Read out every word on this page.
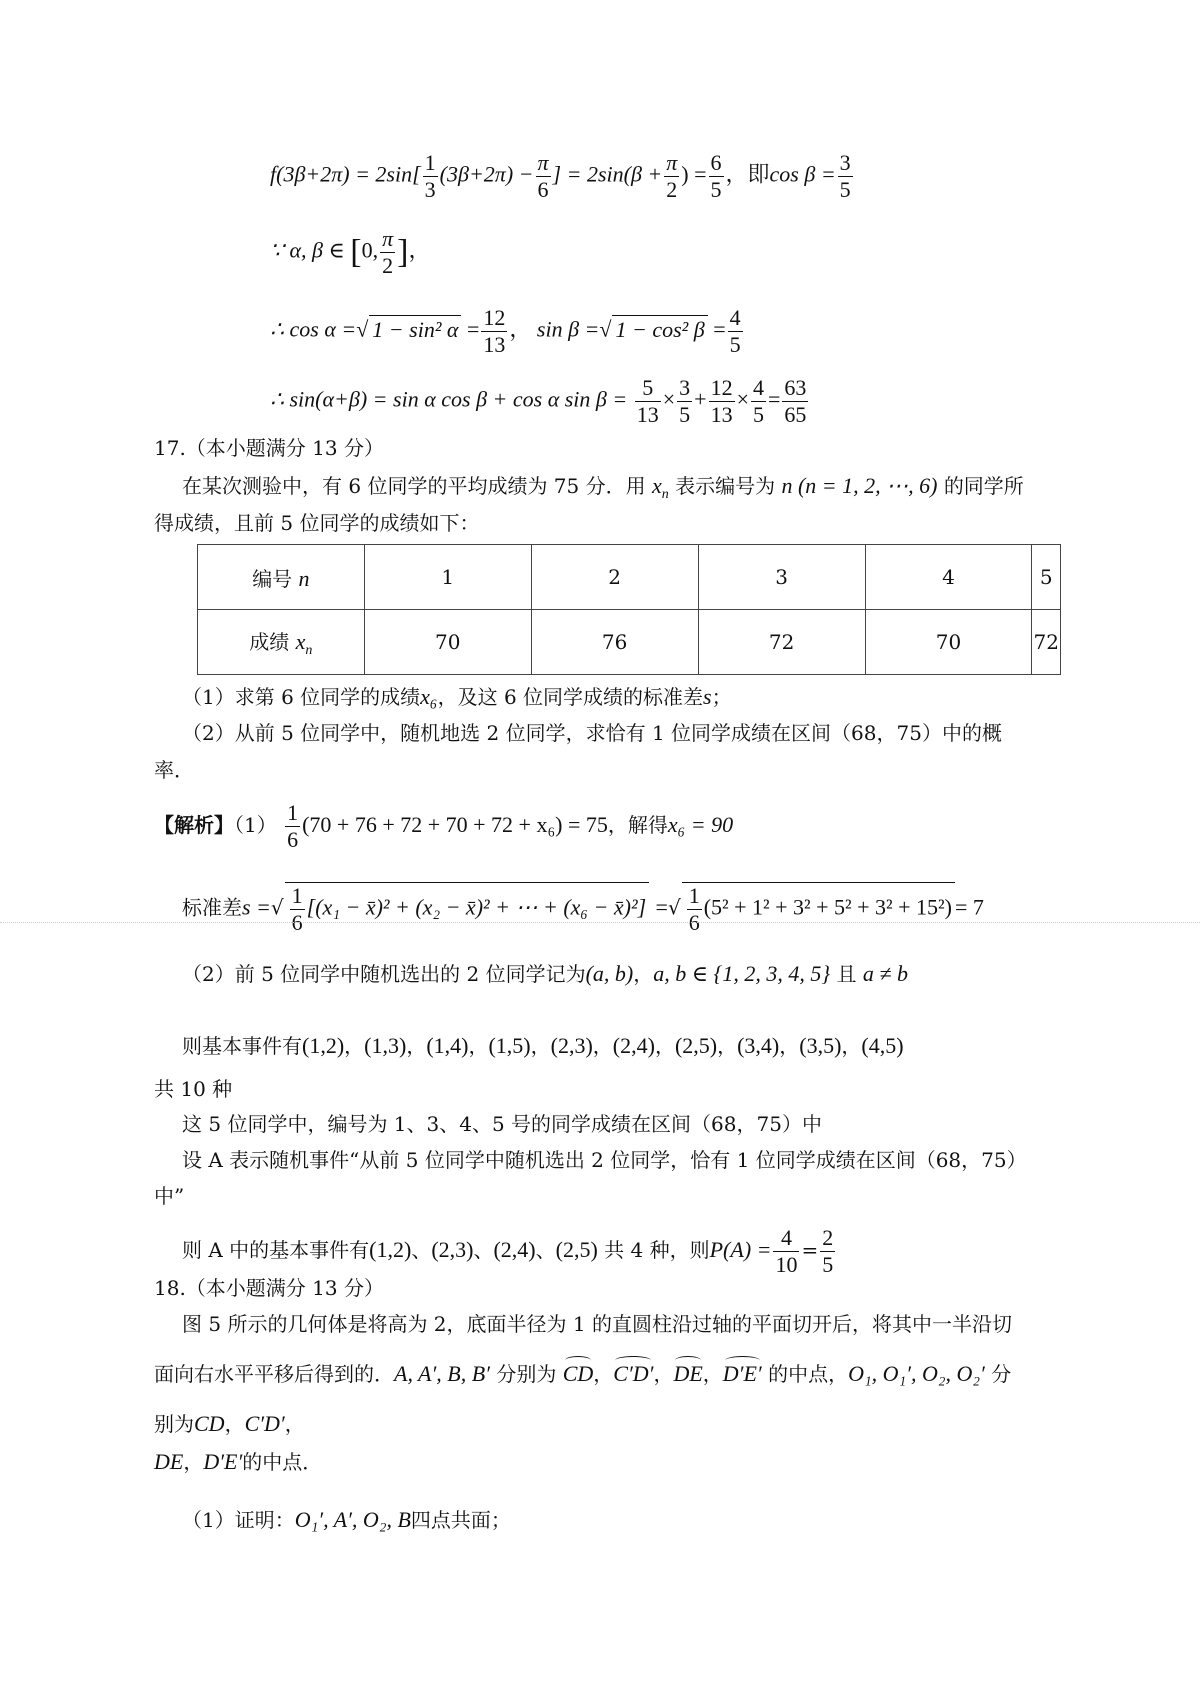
$f(3\beta+2\pi) = 2\sin[ \frac{1}{3} (3\beta+2\pi) - \frac{\pi}{6}$ ] = $2\sin(\beta + \frac{\pi}{2}$ ) = $\frac{6}{5}$ ，即$\cos \beta = \frac{3}{5}$
∵ α, β ∈ [0, $\frac{\pi}{2}$ ]，
∴ cos α =√ 1 − sin² $\alpha = \frac{12}{13}$ ， sin β =√ 1 − cos² $\beta = \frac{4}{5}$
∴ sin(α+β) = sin α cos β + cos α $\sin \beta = \frac{5}{13} \times \frac{3}{5} + \frac{12}{13} \times \frac{4}{5} = \frac{63}{65}$
17.（本小题满分 13 分）
在某次测验中，有 6 位同学的平均成绩为 75 分．用 $x_n$ 表示编号为 n (n = 1, 2, ⋯, 6) 的同学所
得成绩，且前 5 位同学的成绩如下：
编号 n	1	2	3	4	5
成绩 $x_n$	70	76	72	70	72
（1）求第 6 位同学的成绩x₆，及这 6 位同学成绩的标准差s；
（2）从前 5 位同学中，随机地选 2 位同学，求恰有 1 位同学成绩在区间（68，75）中的概
率．
【解析】$(1) \frac{1}{6} (70 + 76 + 72 + 70 + 72 + x_6) = 75$，解得x₆ = 90
标准差s =√ $\frac{1}{6} [(x_1$ − x̄)² + (x₂ − x̄)² + ⋯ + (x₆ − x̄)²] =√ $\frac{1}{6} (5^2 + 1^2 + 3^2 + 5^2 + 3^2 + 15^2) = 7$
（2）前 5 位同学中随机选出的 2 位同学记为(a, b)，a, b ∈ {1, 2, 3, 4, 5} 且 a ≠ b
则基本事件有(1,2)，(1,3)，(1,4)，(1,5)，(2,3)，(2,4)，(2,5)，(3,4)，(3,5)，(4,5)
共 10 种
这 5 位同学中，编号为 1、3、4、5 号的同学成绩在区间（68，75）中
设 A 表示随机事件“从前 5 位同学中随机选出 2 位同学，恰有 1 位同学成绩在区间（68，75）
中”
则 A 中的基本事件有(1,2)、(2,3)、(2,4)、(2,5) 共 4 种，则$P(A) = \frac{4}{10} = \frac{2}{5}$
18.（本小题满分 13 分）
图 5 所示的几何体是将高为 2，底面半径为 1 的直圆柱沿过轴的平面切开后，将其中一半沿切
面向右水平平移后得到的．A, A′, B, B′ 分别为 CD，C′D′，DE，D′E′ 的中点，O₁, O₁′, O₂, O₂′ 分
别为CD，C′D′，
DE，D′E′的中点．
（1）证明：O₁′, A′, O₂, B四点共面；
